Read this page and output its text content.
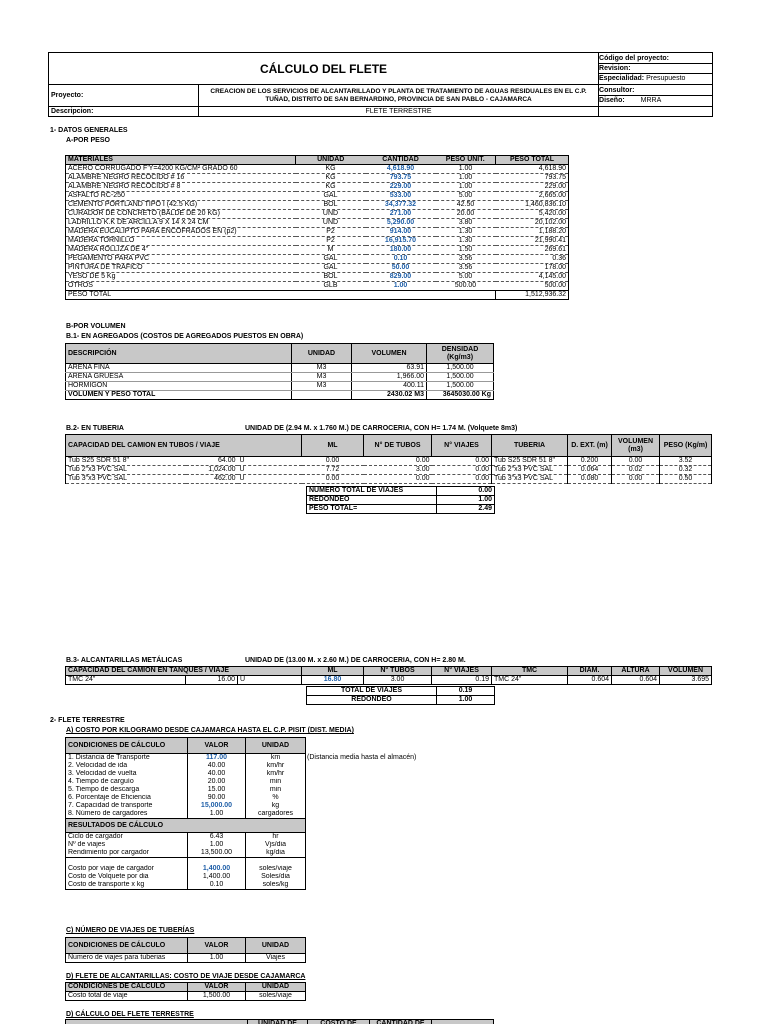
CÁLCULO DEL FLETE		Código del proyecto:
Revision:
Especialidad: Presupuesto

Proyecto:	CREACION DE LOS SERVICIOS DE ALCANTARILLADO Y PLANTA DE TRATAMIENTO DE AGUAS RESIDUALES EN EL C.P. TUÑAD, DISTRITO DE SAN BERNARDINO, PROVINCIA DE SAN PABLO - CAJAMARCA	Consultor:
Diseño: MRRA

Descripcion:	FLETE TERRESTRE	
1- DATOS GENERALES
A-POR PESO
MATERIALES	UNIDAD	CANTIDAD	PESO UNIT.	PESO TOTAL
ACERO CORRUGADO F'Y=4200 KG/CM² GRADO 60	KG	4,618.90	1.00	4,618.90
ALAMBRE NEGRO RECOCIDO # 16	KG	793.75	1.00	793.75
ALAMBRE NEGRO RECOCIDO # 8	KG	229.00	1.00	229.00
ASFALTO RC-250	GAL	533.00	5.00	2,665.00
CEMENTO PORTLAND TIPO I (42.5 KG)	BOL	34,377.32	42.50	1,460,836.10
CURADOR DE CONCRETO (BALDE DE 20 KG)	UND	271.00	20.00	5,420.00
LADRILLO K.K DE ARCILLA 9 X 14 X 24 CM	UND	5,290.00	3.80	20,102.00
MADERA EUCALIPTO PARA ENCOFRADOS EN (p2)	P2	914.00	1.30	1,188.20
MADERA TORNILLO	P2	16,915.70	1.30	21,990.41
MADERA ROLLIZA DE 4"	M	180.00	1.50	269.61
PEGAMENTO PARA PVC	GAL	0.10	3.56	0.36
PINTURA DE TRAFICO	GAL	50.00	3.56	178.00
YESO DE 5 Kg	BOL	829.00	5.00	4,145.00
OTROS	GLB	1.00	500.00	500.00
PESO TOTAL				1,512,936.32
B-POR VOLUMEN
B.1- EN AGREGADOS (COSTOS DE AGREGADOS PUESTOS EN OBRA)
DESCRIPCIÓN	UNIDAD	VOLUMEN	DENSIDAD (Kg/m3)
ARENA FINA	M3	63.91	1,500.00
ARENA GRUESA	M3	1,966.00	1,500.00
HORMIGON	M3	400.11	1,500.00
VOLUMEN Y PESO TOTAL		2430.02 M3	3645030.00 Kg
B.2- EN TUBERIA	UNIDAD DE (2.94 M. x 1.760 M.) DE CARROCERIA, CON H= 1.74 M. (Volquete 8m3)
CAPACIDAD DEL CAMION EN TUBOS / VIAJE			ML	N° DE TUBOS	N° VIAJES	TUBERIA	D. EXT. (m)	VOLUMEN (m3)	PESO (Kg/m)
Tub S25 SDR 51 8"	64.00	U	0.00	0.00	0.00	Tub S25 SDR 51 8"	0.200	0.00	3.52
Tub 2"x3 PVC SAL	1,024.00	U	7.72	3.00	0.00	Tub 2"x3 PVC SAL	0.064	0.02	0.32
Tub 3"x3 PVC SAL	462.00	U	0.00	0.00	0.00	Tub 3"x3 PVC SAL	0.080	0.00	0.50
NUMERO TOTAL DE VIAJES	0.00
REDONDEO	1.00
PESO TOTAL=	2.49
B.3- ALCANTARILLAS METÁLICAS	UNIDAD DE (13.00 M. x 2.60 M.) DE CARROCERIA, CON H= 2.80 M.
CAPACIDAD DEL CAMION EN TANQUES / VIAJE			ML	N° TUBOS	N° VIAJES	TMC	DIAM.	ALTURA	VOLUMEN
TMC 24"	16.00	U	16.80	3.00	0.19	TMC 24"	0.604	0.604	3.695
TOTAL DE VIAJES	0.19
REDONDEO	1.00
2- FLETE TERRESTRE
A) COSTO POR KILOGRAMO DESDE CAJAMARCA HASTA EL C.P. PISIT (DIST. MEDIA)
CONDICIONES DE CÁLCULO	VALOR	UNIDAD
1. Distancia de Transporte	117.00	km
2. Velocidad de ida	40.00	km/hr
3. Velocidad de vuelta	40.00	km/hr
4. Tiempo de carguío	20.00	min
5. Tiempo de descarga	15.00	min
6. Porcentaje de Eficiencia	90.00	%
7. Capacidad de transporte	15,000.00	kg
8. Número de cargadores	1.00	cargadores
RESULTADOS DE CÁLCULO		
Ciclo de cargador	6.43	hr
Nº de viajes	1.00	Vjs/dia
Rendimiento por cargador	13,500.00	kg/dia

Costo por viaje de cargador	1,400.00	soles/viaje
Costo de Volquete por dia	1,400.00	Soles/dia
Costo de transporte x kg	0.10	soles/kg
(Distancia media hasta el almacén)
C) NÚMERO DE VIAJES DE TUBERÍAS
CONDICIONES DE CÁLCULO	VALOR	UNIDAD
Numero de viajes para tuberias	1.00	Viajes
D) FLETE DE ALCANTARILLAS: COSTO DE VIAJE DESDE CAJAMARCA
CONDICIONES DE CÁLCULO	VALOR	UNIDAD
Costo total de viaje	1,500.00	soles/viaje
D) CÁLCULO DEL FLETE TERRESTRE
	UNIDAD DE	COSTO DE	CANTIDAD DE	
